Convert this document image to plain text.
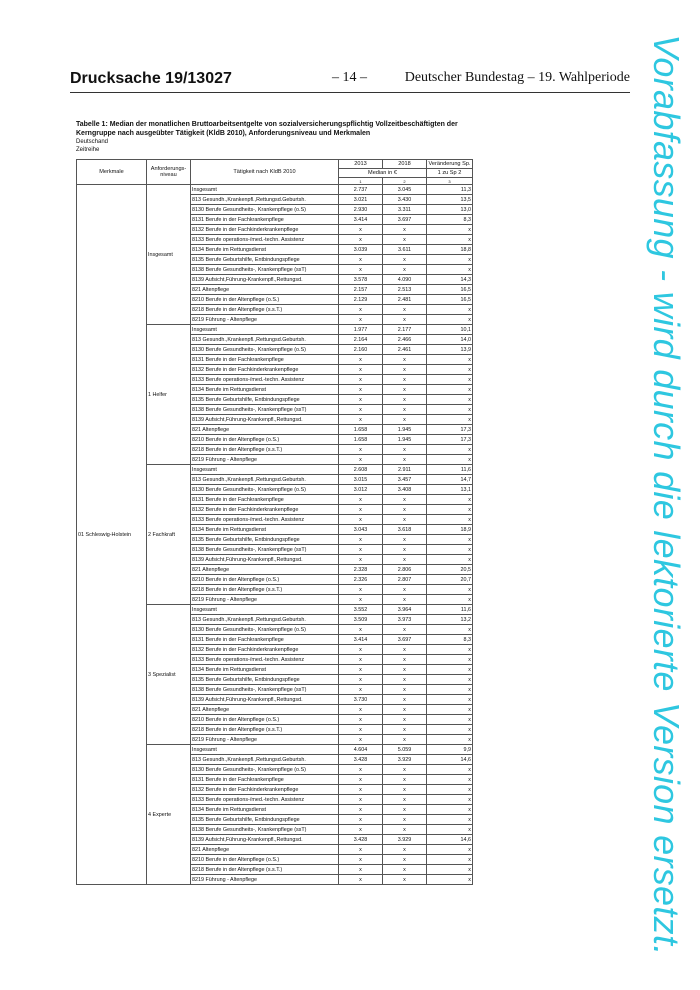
Drucksache 19/13027	– 14 –	Deutscher Bundestag – 19. Wahlperiode
Tabelle 1: Median der monatlichen Bruttoarbeitsentgelte von sozialversicherungspflichtig Vollzeitbeschäftigten der Kerngruppe nach ausgeübter Tätigkeit (KldB 2010), Anforderungsniveau und Merkmalen
Deutschand
Zeitreihe
Merkmale	Anforderungs-niveau	Tätigkeit nach KldB 2010	2013	2018	Veränderung Sp.
			Median in €		1 zu Sp 2
			1	2	3
01 Schleswig-Holstein	Insgesamt	Insgesamt	2.737	3.045	11,3
		813 Gesundh.,Krankenpfl.,Rettungsd.Geburtsh.	3.021	3.430	13,5
		8130 Berufe Gesundheits-, Krankenpflege (o.S)	2.930	3.311	13,0
		8131 Berufe in der Fachkrankenpflege	3.414	3.697	8,3
		8132 Berufe in der Fachkinderkrankenpflege	x	x	x
		8133 Berufe operations-/med.-techn. Assistenz	x	x	x
		8134 Berufe im Rettungsdienst	3.039	3.611	18,8
		8135 Berufe Geburtshilfe, Entbindungspflege	x	x	x
		8138 Berufe Gesundheits-, Krankenpflege (ssT)	x	x	x
		8139 Aufsicht,Führung-Krankenpfl.,Rettungsd.	3.578	4.090	14,3
		821 Altenpflege	2.157	2.513	16,5
		8210 Berufe in der Altenpflege (o.S.)	2.129	2.481	16,5
		8218 Berufe in der Altenpflege (s.s.T.)	x	x	x
		8219 Führung - Altenpflege	x	x	x
	1 Helfer	Insgesamt	1.977	2.177	10,1
		813 Gesundh.,Krankenpfl.,Rettungsd.Geburtsh.	2.164	2.466	14,0
		8130 Berufe Gesundheits-, Krankenpflege (o.S)	2.160	2.461	13,9
		8131 Berufe in der Fachkrankenpflege	x	x	x
		8132 Berufe in der Fachkinderkrankenpflege	x	x	x
		8133 Berufe operations-/med.-techn. Assistenz	x	x	x
		8134 Berufe im Rettungsdienst	x	x	x
		8135 Berufe Geburtshilfe, Entbindungspflege	x	x	x
		8138 Berufe Gesundheits-, Krankenpflege (ssT)	x	x	x
		8139 Aufsicht,Führung-Krankenpfl.,Rettungsd.	x	x	x
		821 Altenpflege	1.658	1.945	17,3
		8210 Berufe in der Altenpflege (o.S.)	1.658	1.945	17,3
		8218 Berufe in der Altenpflege (s.s.T.)	x	x	x
		8219 Führung - Altenpflege	x	x	x
	2 Fachkraft	Insgesamt	2.608	2.911	11,6
		813 Gesundh.,Krankenpfl.,Rettungsd.Geburtsh.	3.015	3.457	14,7
		8130 Berufe Gesundheits-, Krankenpflege (o.S)	3.012	3.408	13,1
		8131 Berufe in der Fachkrankenpflege	x	x	x
		8132 Berufe in der Fachkinderkrankenpflege	x	x	x
		8133 Berufe operations-/med.-techn. Assistenz	x	x	x
		8134 Berufe im Rettungsdienst	3.043	3.618	18,9
		8135 Berufe Geburtshilfe, Entbindungspflege	x	x	x
		8138 Berufe Gesundheits-, Krankenpflege (ssT)	x	x	x
		8139 Aufsicht,Führung-Krankenpfl.,Rettungsd.	x	x	x
		821 Altenpflege	2.328	2.806	20,5
		8210 Berufe in der Altenpflege (o.S.)	2.326	2.807	20,7
		8218 Berufe in der Altenpflege (s.s.T.)	x	x	x
		8219 Führung - Altenpflege	x	x	x
	3 Spezialist	Insgesamt	3.552	3.964	11,6
		813 Gesundh.,Krankenpfl.,Rettungsd.Geburtsh.	3.509	3.973	13,2
		8130 Berufe Gesundheits-, Krankenpflege (o.S)	x	x	x
		8131 Berufe in der Fachkrankenpflege	3.414	3.697	8,3
		8132 Berufe in der Fachkinderkrankenpflege	x	x	x
		8133 Berufe operations-/med.-techn. Assistenz	x	x	x
		8134 Berufe im Rettungsdienst	x	x	x
		8135 Berufe Geburtshilfe, Entbindungspflege	x	x	x
		8138 Berufe Gesundheits-, Krankenpflege (ssT)	x	x	x
		8139 Aufsicht,Führung-Krankenpfl.,Rettungsd.	3.730	x	x
		821 Altenpflege	x	x	x
		8210 Berufe in der Altenpflege (o.S.)	x	x	x
		8218 Berufe in der Altenpflege (s.s.T.)	x	x	x
		8219 Führung - Altenpflege	x	x	x
	4 Experte	Insgesamt	4.604	5.059	9,9
		813 Gesundh.,Krankenpfl.,Rettungsd.Geburtsh.	3.428	3.929	14,6
		8130 Berufe Gesundheits-, Krankenpflege (o.S)	x	x	x
		8131 Berufe in der Fachkrankenpflege	x	x	x
		8132 Berufe in der Fachkinderkrankenpflege	x	x	x
		8133 Berufe operations-/med.-techn. Assistenz	x	x	x
		8134 Berufe im Rettungsdienst	x	x	x
		8135 Berufe Geburtshilfe, Entbindungspflege	x	x	x
		8138 Berufe Gesundheits-, Krankenpflege (ssT)	x	x	x
		8139 Aufsicht,Führung-Krankenpfl.,Rettungsd.	3.428	3.929	14,6
		821 Altenpflege	x	x	x
		8210 Berufe in der Altenpflege (o.S.)	x	x	x
		8218 Berufe in der Altenpflege (s.s.T.)	x	x	x
		8219 Führung - Altenpflege	x	x	x	Vorabfassung - wird durch die lektorierte Version ersetzt.
